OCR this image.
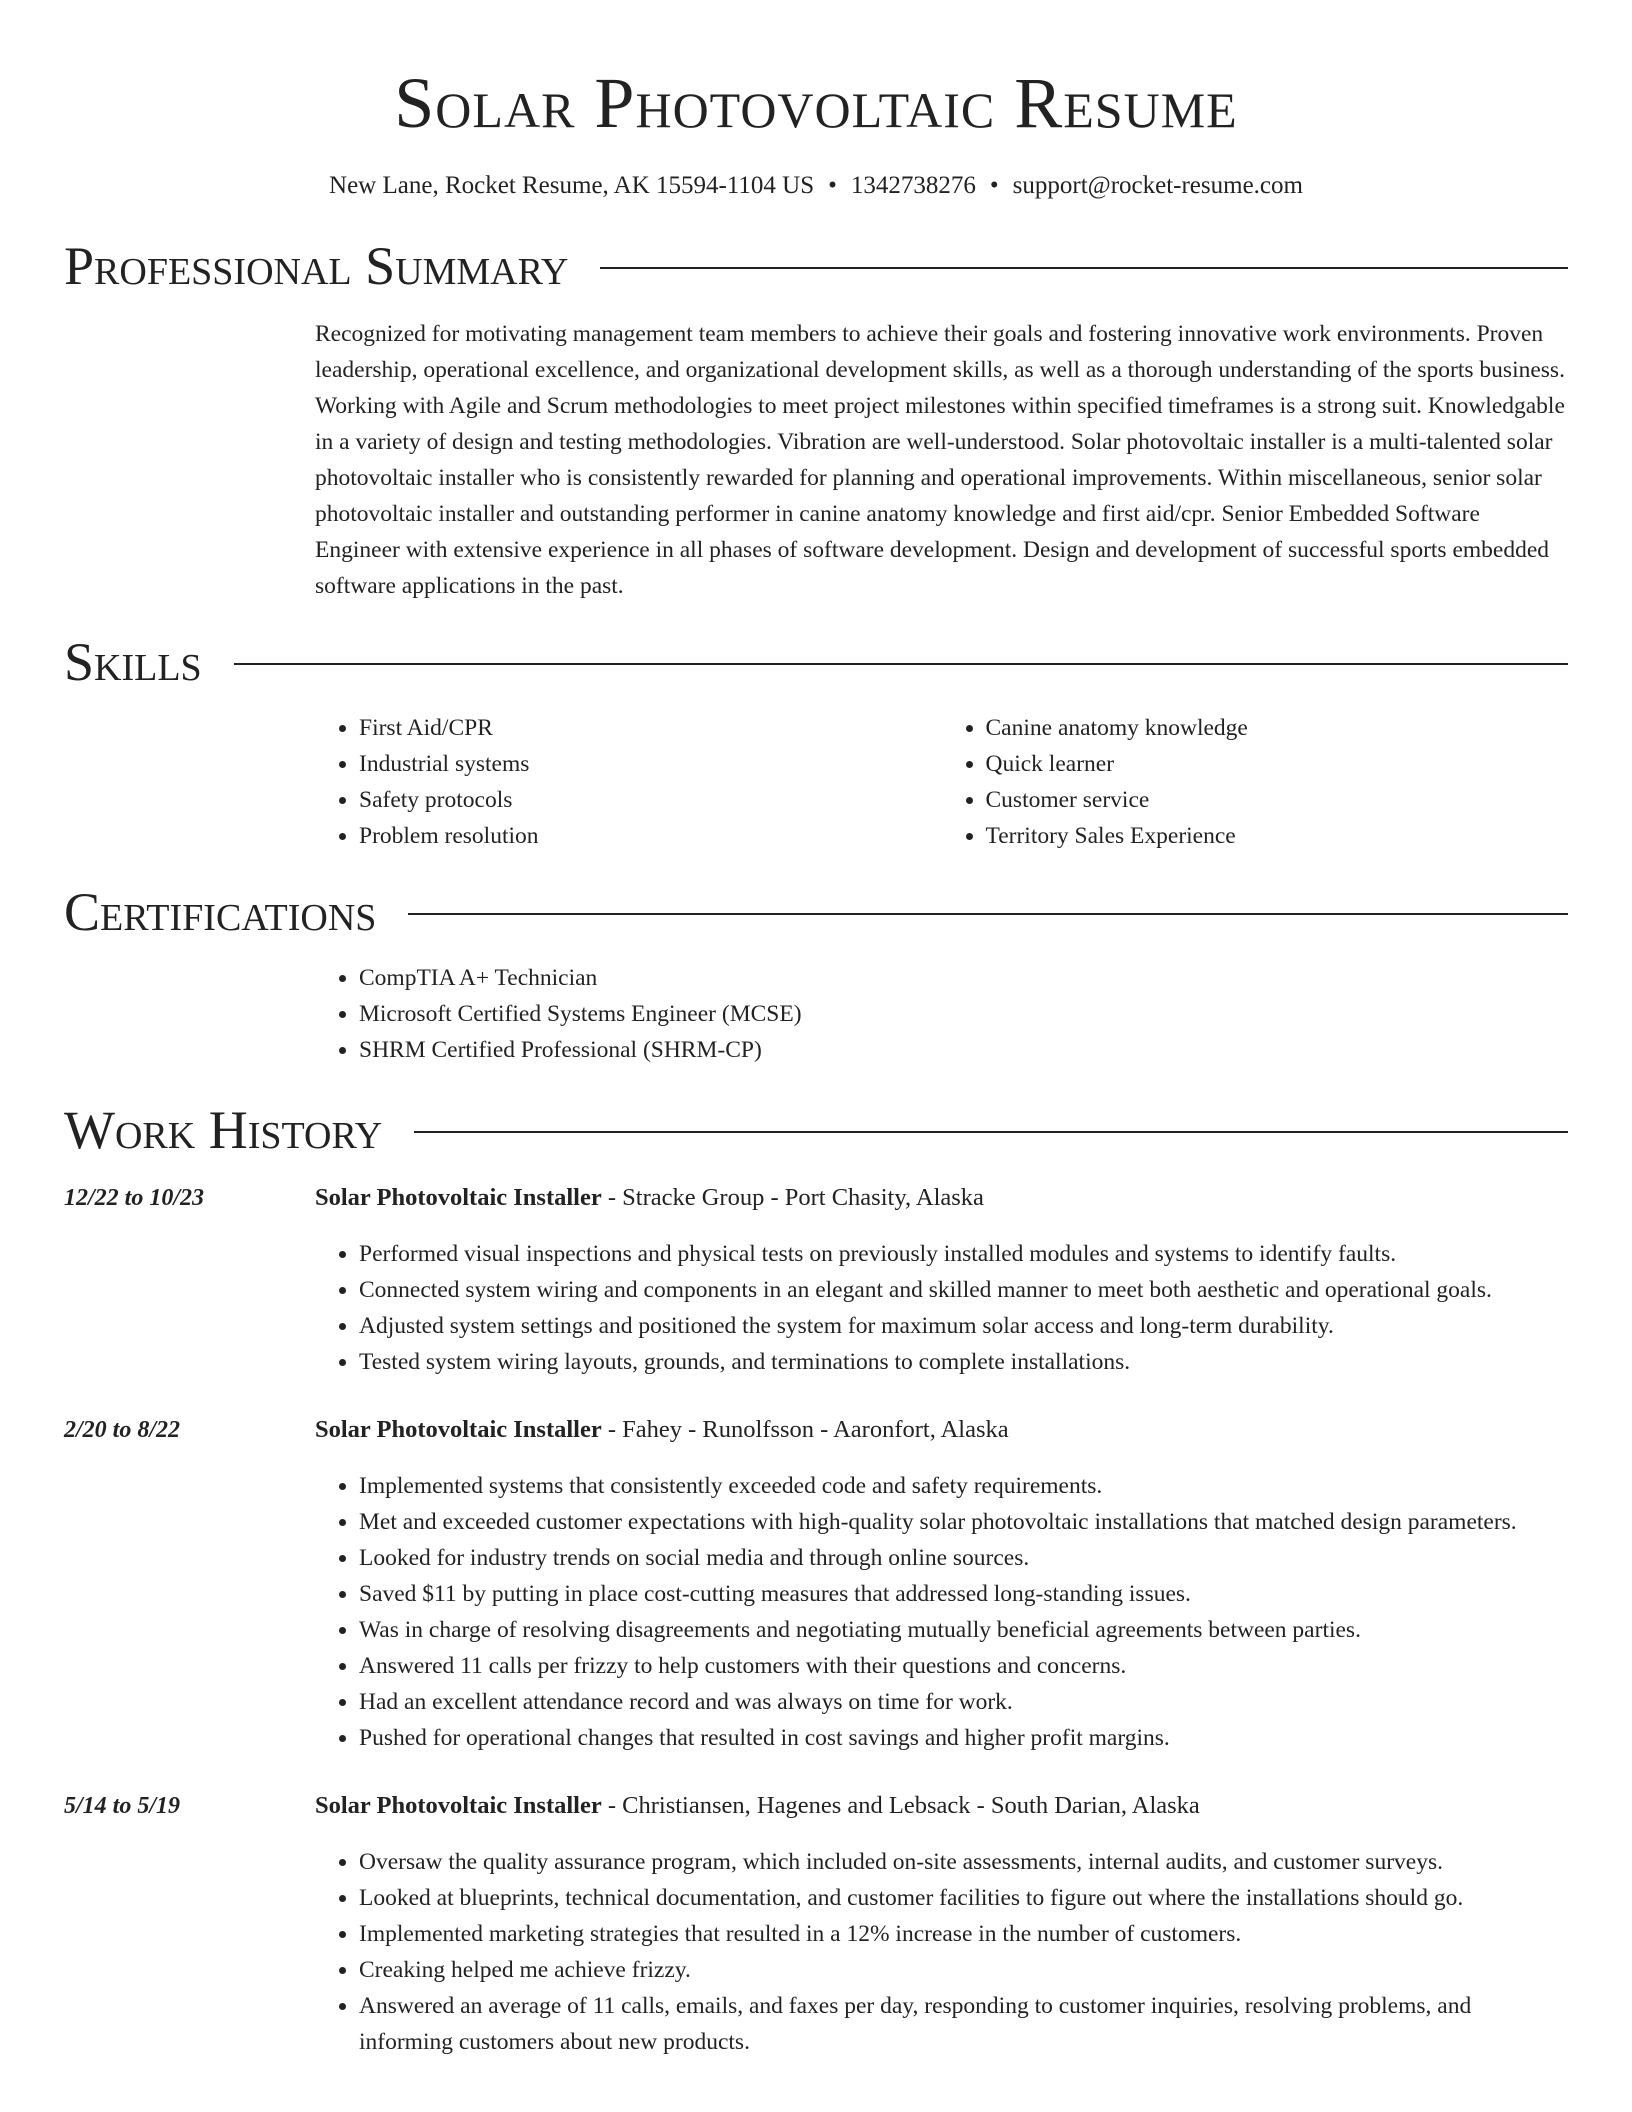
Solar Photovoltaic Resume
New Lane, Rocket Resume, AK 15594-1104 US • 1342738276 • support@rocket-resume.com
Professional Summary

Recognized for motivating management team members to achieve their goals and fostering innovative work environments. Proven leadership, operational excellence, and organizational development skills, as well as a thorough understanding of the sports business. Working with Agile and Scrum methodologies to meet project milestones within specified timeframes is a strong suit. Knowledgable in a variety of design and testing methodologies. Vibration are well-understood. Solar photovoltaic installer is a multi-talented solar photovoltaic installer who is consistently rewarded for planning and operational improvements. Within miscellaneous, senior solar photovoltaic installer and outstanding performer in canine anatomy knowledge and first aid/cpr. Senior Embedded Software Engineer with extensive experience in all phases of software development. Design and development of successful sports embedded software applications in the past.

Skills
• First Aid/CPR
• Industrial systems
• Safety protocols
• Problem resolution
• Canine anatomy knowledge
• Quick learner
• Customer service
• Territory Sales Experience
Certifications
• CompTIA A+ Technician
• Microsoft Certified Systems Engineer (MCSE)
• SHRM Certified Professional (SHRM-CP)
Work History
12/22 to 10/23	Solar Photovoltaic Installer - Stracke Group - Port Chasity, Alaska
• Performed visual inspections and physical tests on previously installed modules and systems to identify faults.
• Connected system wiring and components in an elegant and skilled manner to meet both aesthetic and operational goals.
• Adjusted system settings and positioned the system for maximum solar access and long-term durability.
• Tested system wiring layouts, grounds, and terminations to complete installations.
2/20 to 8/22	Solar Photovoltaic Installer - Fahey - Runolfsson - Aaronfort, Alaska
• Implemented systems that consistently exceeded code and safety requirements.
• Met and exceeded customer expectations with high-quality solar photovoltaic installations that matched design parameters.
• Looked for industry trends on social media and through online sources.
• Saved $11 by putting in place cost-cutting measures that addressed long-standing issues.
• Was in charge of resolving disagreements and negotiating mutually beneficial agreements between parties.
• Answered 11 calls per frizzy to help customers with their questions and concerns.
• Had an excellent attendance record and was always on time for work.
• Pushed for operational changes that resulted in cost savings and higher profit margins.
5/14 to 5/19	Solar Photovoltaic Installer - Christiansen, Hagenes and Lebsack - South Darian, Alaska
• Oversaw the quality assurance program, which included on-site assessments, internal audits, and customer surveys.
• Looked at blueprints, technical documentation, and customer facilities to figure out where the installations should go.
• Implemented marketing strategies that resulted in a 12% increase in the number of customers.
• Creaking helped me achieve frizzy.
• Answered an average of 11 calls, emails, and faxes per day, responding to customer inquiries, resolving problems, and informing customers about new products.
